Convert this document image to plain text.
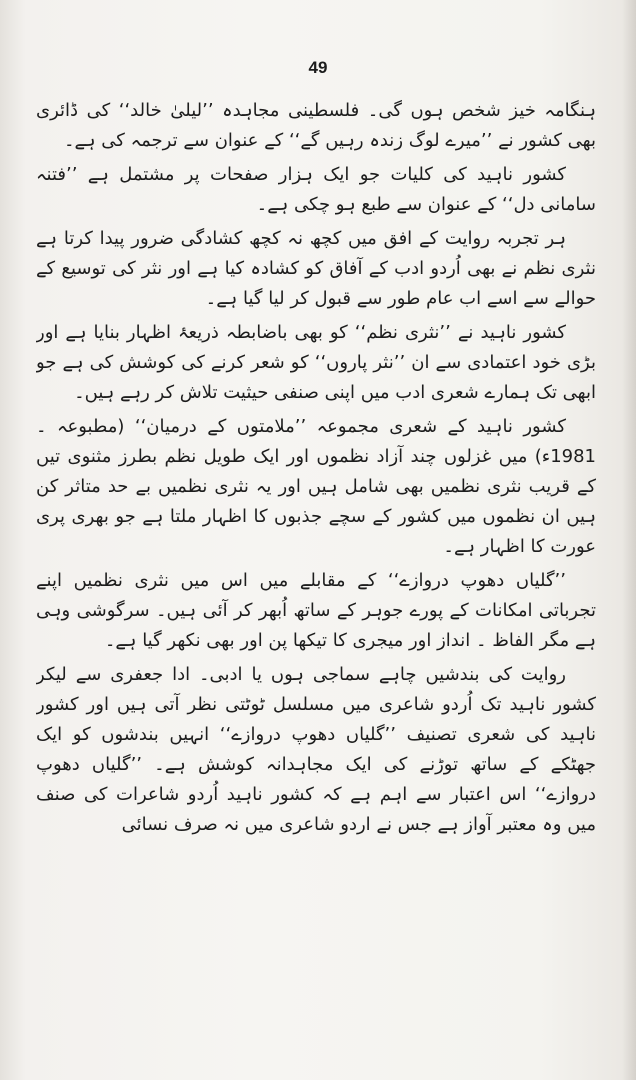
49

ہنگامہ خیز شخص ہوں گی۔ فلسطینی مجاہدہ ’’لیلیٰ خالد‘‘ کی ڈائری بھی کشور نے ’’میرے لوگ زندہ رہیں گے‘‘ کے عنوان سے ترجمہ کی ہے۔

کشور ناہید کی کلیات جو ایک ہزار صفحات پر مشتمل ہے ’’فتنہ سامانی دل‘‘ کے عنوان سے طبع ہو چکی ہے۔

ہر تجربہ روایت کے افق میں کچھ نہ کچھ کشادگی ضرور پیدا کرتا ہے نثری نظم نے بھی اُردو ادب کے آفاق کو کشادہ کیا ہے اور نثر کی توسیع کے حوالے سے اسے اب عام طور سے قبول کر لیا گیا ہے۔

کشور ناہید نے ’’نثری نظم‘‘ کو بھی باضابطہ ذریعۂ اظہار بنایا ہے اور بڑی خود اعتمادی سے ان ’’نثر پاروں‘‘ کو شعر کرنے کی کوشش کی ہے جو ابھی تک ہمارے شعری ادب میں اپنی صنفی حیثیت تلاش کر رہے ہیں۔

کشور ناہید کے شعری مجموعہ ’’ملامتوں کے درمیان‘‘ (مطبوعہ ۔ 1981ء) میں غزلوں چند آزاد نظموں اور ایک طویل نظم بطرز مثنوی تیں کے قریب نثری نظمیں بھی شامل ہیں اور یہ نثری نظمیں بے حد متاثر کن ہیں ان نظموں میں کشور کے سچے جذبوں کا اظہار ملتا ہے جو بھری پری عورت کا اظہار ہے۔

’’گلیاں دھوپ دروازے‘‘ کے مقابلے میں اس میں نثری نظمیں اپنے تجرباتی امکانات کے پورے جوہر کے ساتھ اُبھر کر آئی ہیں۔ سرگوشی وہی ہے مگر الفاظ ۔ انداز اور میجری کا تیکھا پن اور بھی نکھر گیا ہے۔

روایت کی بندشیں چاہے سماجی ہوں یا ادبی۔ ادا جعفری سے لیکر کشور ناہید تک اُردو شاعری میں مسلسل ٹوٹتی نظر آتی ہیں اور کشور ناہید کی شعری تصنیف ’’گلیاں دھوپ دروازے‘‘ انہیں بندشوں کو ایک جھٹکے کے ساتھ توڑنے کی ایک مجاہدانہ کوشش ہے۔ ’’گلیاں دھوپ دروازے‘‘ اس اعتبار سے اہم ہے کہ کشور ناہید اُردو شاعرات کی صنف میں وہ معتبر آواز ہے جس نے اردو شاعری میں نہ صرف نسائی
